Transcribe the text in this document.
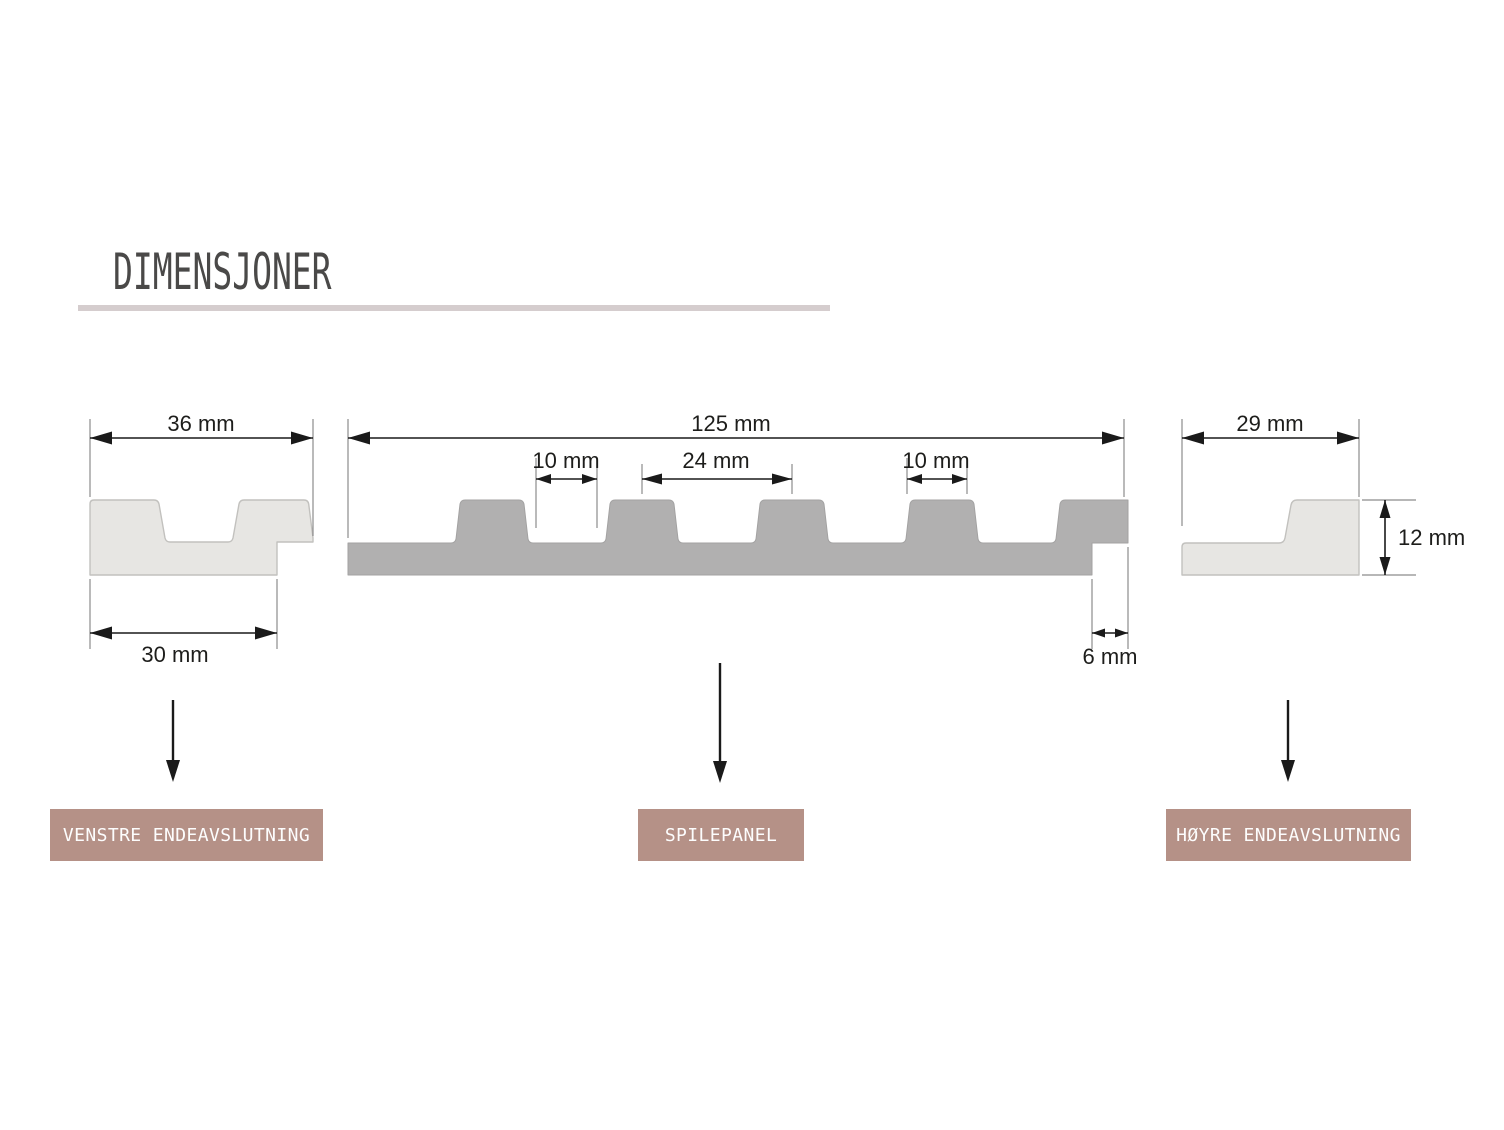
DIMENSJONER
36 mm
30 mm
125 mm
10 mm	24 mm	10 mm
6 mm
29 mm
12 mm
VENSTRE ENDEAVSLUTNING	SPILEPANEL	HØYRE ENDEAVSLUTNING
